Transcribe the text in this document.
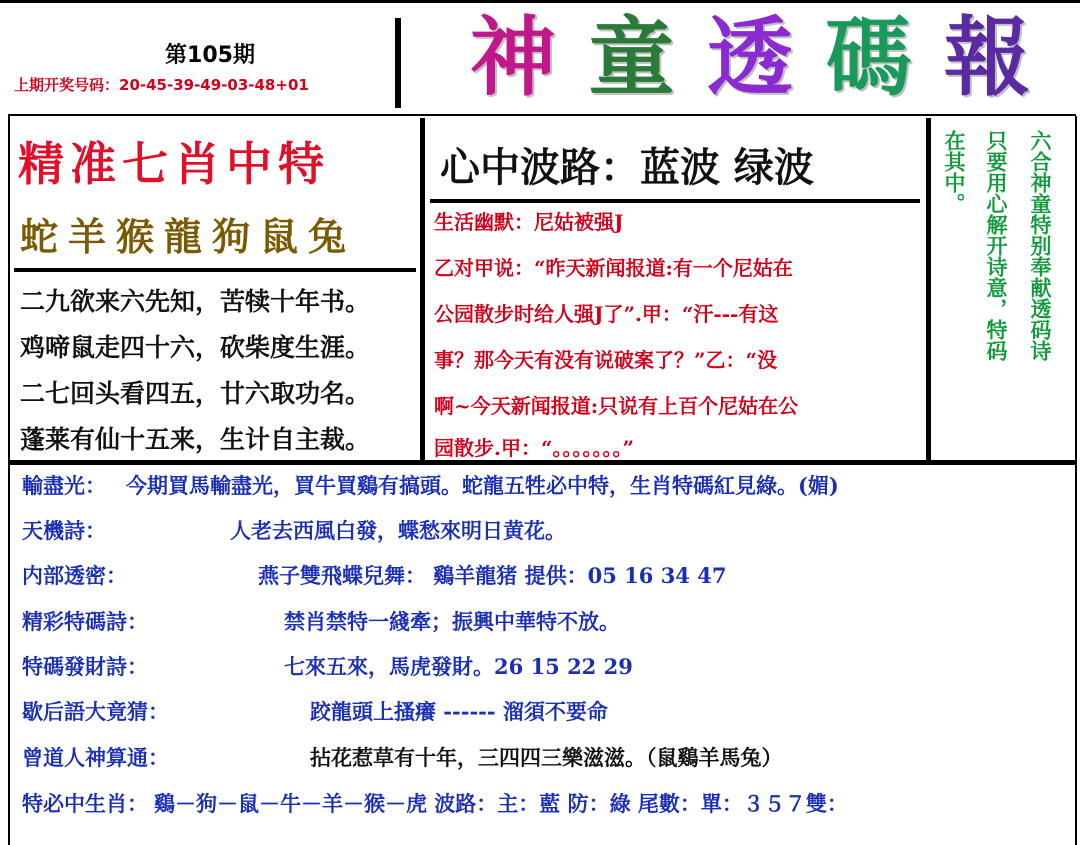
第105期
上期开奖号码：20-45-39-49-03-48+01 神 童 透 碼 報
精准七肖中特
蛇羊猴龍狗鼠兔
二九欲来六先知，苦犊十年书。
鸡啼鼠走四十六，砍柴度生涯。
二七回头看四五，廿六取功名。
蓬莱有仙十五来，生计自主裁。
心中波路：蓝波 绿波
生活幽默：尼姑被强J
乙对甲说：“昨天新闻报道:有一个尼姑在
公园散步时给人强J了”.甲：“汗---有这
事？那今天有没有说破案了？”乙：“没
啊~今天新闻报道:只说有上百个尼姑在公
园散步.甲：“。。。。。。。”
六合神童特别奉献透码诗
只要用心解开诗意，特码
在其中。
輸盡光： 今期買馬輸盡光，買牛買鷄有搞頭。蛇龍五牲必中特，生肖特碼紅見綠。(媚)
天機詩：	人老去西風白發，蝶愁來明日黄花。
内部透密：	燕子雙飛蝶兒舞： 鷄羊龍猪 提供：05 16 34 47
精彩特碼詩：	禁肖禁特一綫牽；振興中華特不放。
特碼發財詩：	七來五來，馬虎發財。26 15 22 29
歇后語大竟猜：	跤龍頭上搔癢 ------ 溜須不要命
曾道人神算通：	拈花惹草有十年，三四四三樂滋滋。（鼠鷄羊馬兔）
特必中生肖： 鷄－狗－鼠－牛－羊－猴－虎 波路：主：藍 防：綠 尾數：單：３５７雙：
